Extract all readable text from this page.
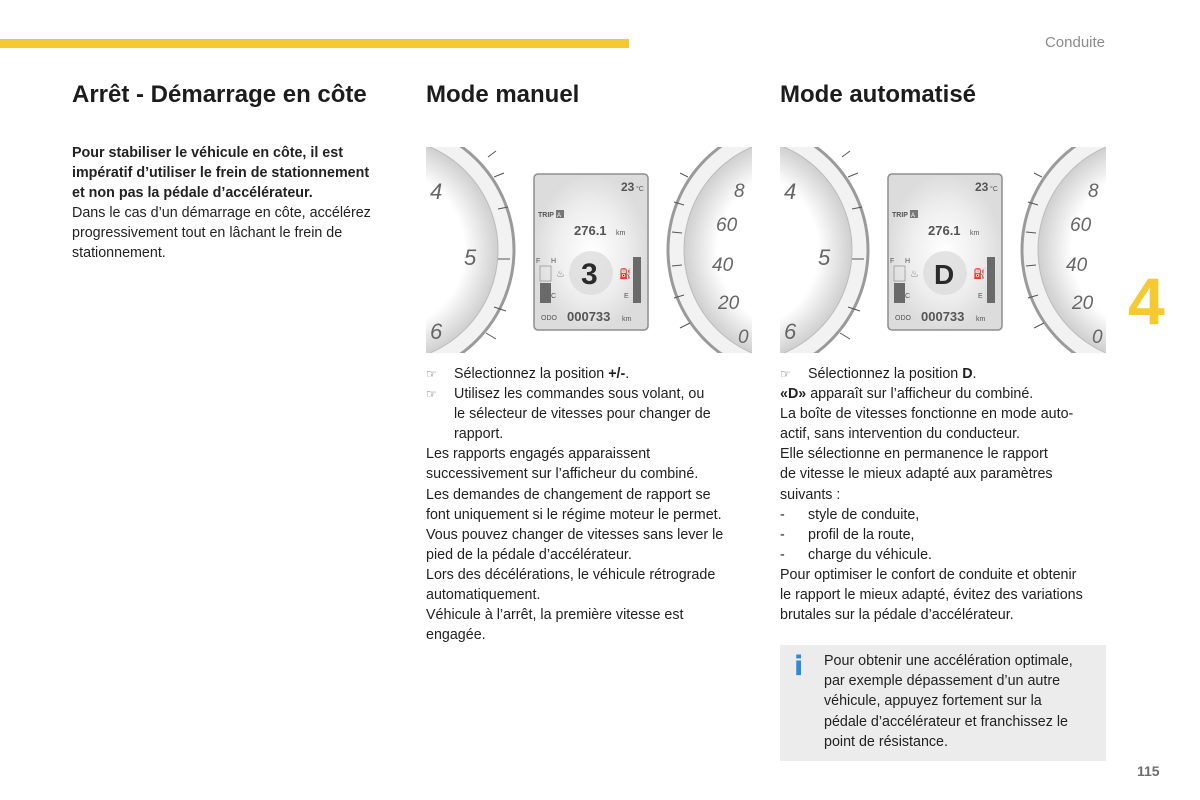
Conduite
4
115
Arrêt - Démarrage en côte

Pour stabiliser le véhicule en côte, il est
impératif d’utiliser le frein de stationnement
et non pas la pédale d’accélérateur.

Dans le cas d’un démarrage en côte, accélérez
progressivement tout en lâchant le frein de
stationnement.

Mode manuel
4
5
6
8
60
40
20
0
23 °C
TRIP A
276.1 km
F H
C	E
♨	⛽
3
ODO 000733 km
☞	Sélectionnez la position +/-.
☞	Utilisez les commandes sous volant, ou
le sélecteur de vitesses pour changer de
rapport.

Les rapports engagés apparaissent
successivement sur l’afficheur du combiné.
Les demandes de changement de rapport se
font uniquement si le régime moteur le permet.
Vous pouvez changer de vitesses sans lever le
pied de la pédale d’accélérateur.
Lors des décélérations, le véhicule rétrograde
automatiquement.
Véhicule à l’arrêt, la première vitesse est
engagée.

Mode automatisé
4
5
6
8
60
40
20
0
23 °C
TRIP A
276.1 km
F H
C	E
♨	⛽
D
ODO 000733 km
☞	Sélectionnez la position D.

«D» apparaît sur l’afficheur du combiné.
La boîte de vitesses fonctionne en mode auto-
actif, sans intervention du conducteur.
Elle sélectionne en permanence le rapport
de vitesse le mieux adapté aux paramètres
suivants :

-	style de conduite,
-	profil de la route,
-	charge du véhicule.

Pour optimiser le confort de conduite et obtenir
le rapport le mieux adapté, évitez des variations
brutales sur la pédale d’accélérateur.

i Pour obtenir une accélération optimale,
par exemple dépassement d’un autre
véhicule, appuyez fortement sur la
pédale d’accélérateur et franchissez le
point de résistance.
